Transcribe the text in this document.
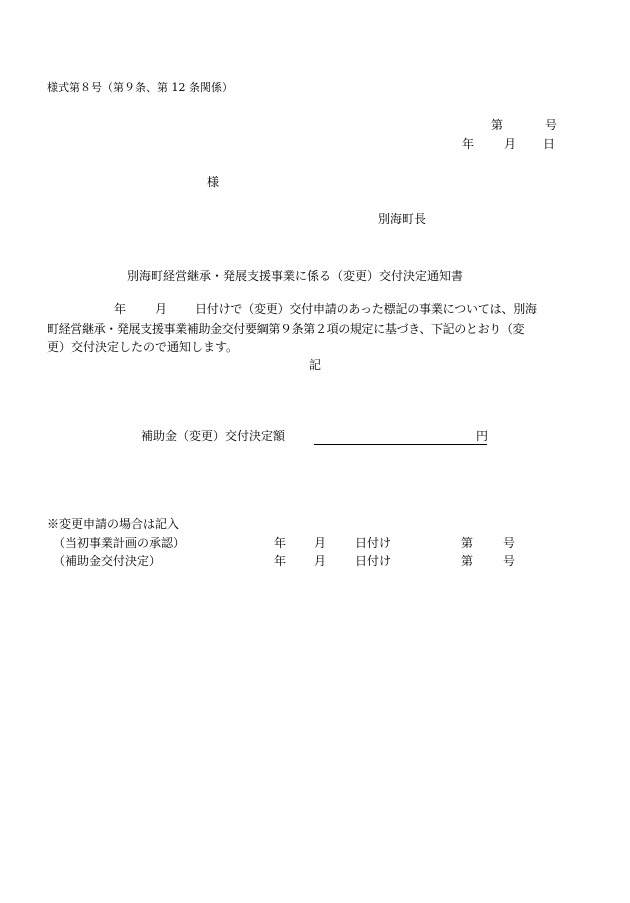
様式第８号（第９条、第 12 条関係）
第	号
年 月 日
様
別海町長
別海町経営継承・発展支援事業に係る（変更）交付決定通知書
年 月 日付けで（変更）交付申請のあった標記の事業については、別海
町経営継承・発展支援事業補助金交付要綱第９条第２項の規定に基づき、下記のとおり（変
更）交付決定したので通知します。
記
補助金（変更）交付決定額	円
※変更申請の場合は記入
（当初事業計画の承認）	年 月 日付け	第 号
（補助金交付決定）	年 月 日付け	第 号
